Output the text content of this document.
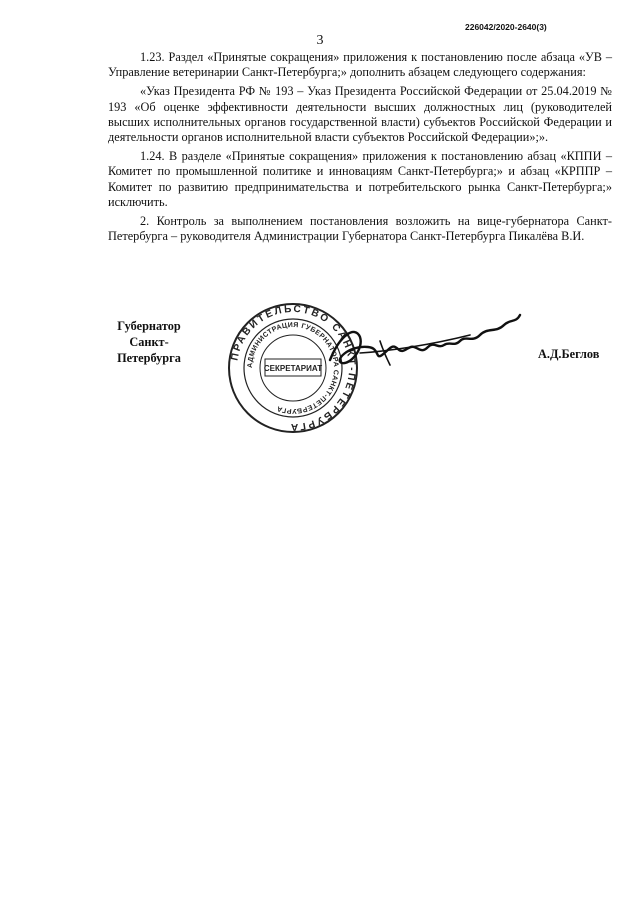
226042/2020-2640(3)
3

1.23. Раздел «Принятые сокращения» приложения к постановлению после абзаца «УВ – Управление ветеринарии Санкт-Петербурга;» дополнить абзацем следующего содержания:

«Указ Президента РФ № 193 – Указ Президента Российской Федерации от 25.04.2019 № 193 «Об оценке эффективности деятельности высших должностных лиц (руководителей высших исполнительных органов государственной власти) субъектов Российской Федерации и деятельности органов исполнительной власти субъектов Российской Федерации»;».

1.24. В разделе «Принятые сокращения» приложения к постановлению абзац «КППИ – Комитет по промышленной политике и инновациям Санкт-Петербурга;» и абзац «КРППР – Комитет по развитию предпринимательства и потребительского рынка Санкт-Петербурга;» исключить.

2. Контроль за выполнением постановления возложить на вице-губернатора Санкт-Петербурга – руководителя Администрации Губернатора Санкт-Петербурга Пикалёва В.И.

Губернатор
Санкт-Петербурга	ПРАВИТЕЛЬСТВО САНКТ-ПЕТЕРБУРГА
АДМИНИСТРАЦИЯ ГУБЕРНАТОРА САНКТ-ПЕТЕРБУРГА
СЕКРЕТАРИАТ
А.Д.Беглов
